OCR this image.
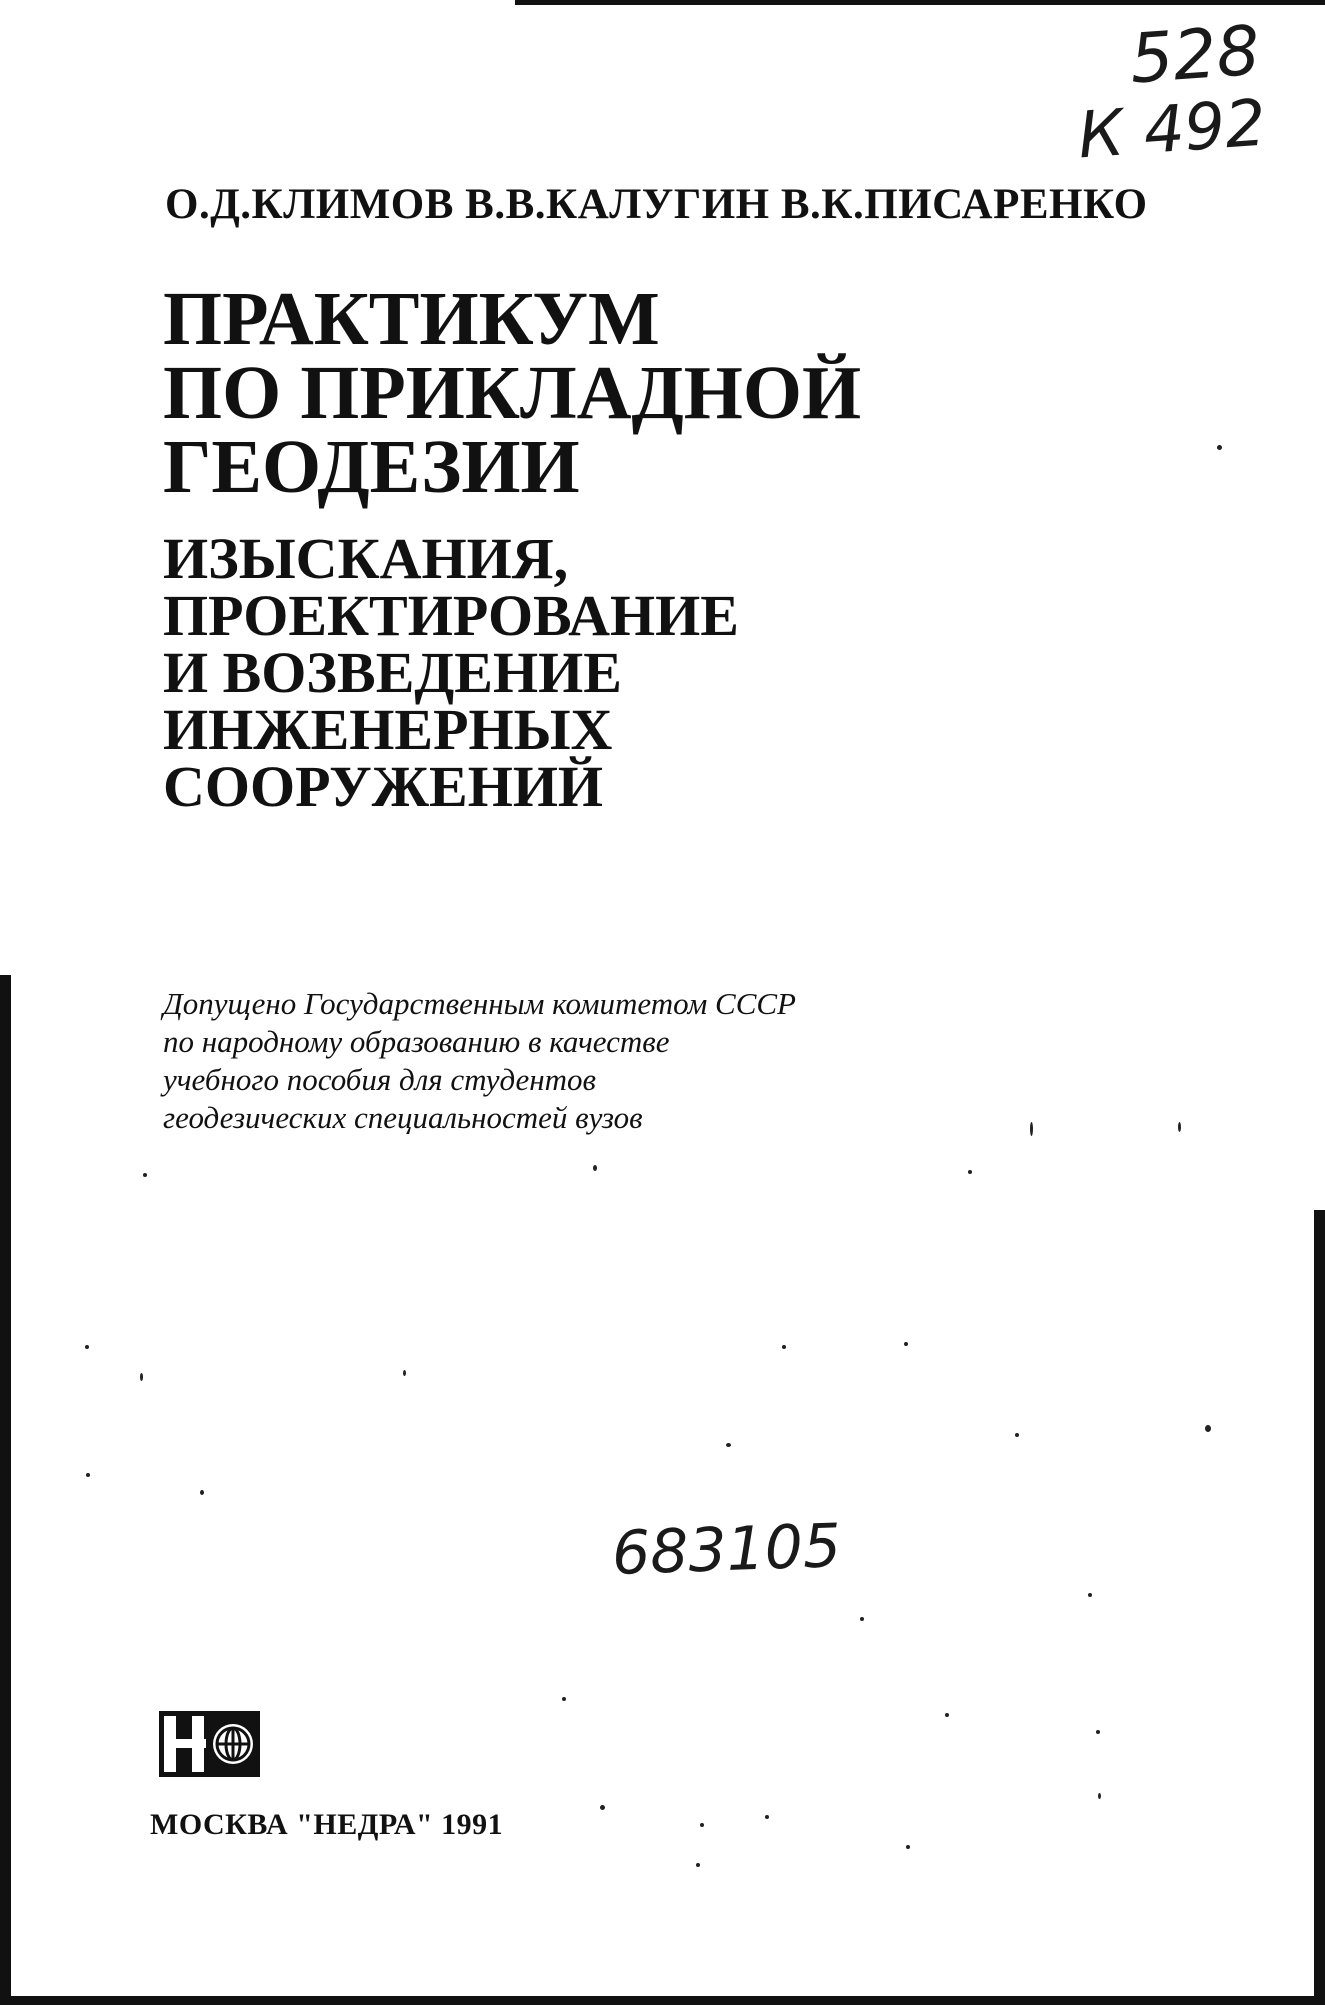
528
К 492
О.Д.КЛИМОВ В.В.КАЛУГИН В.К.ПИСАРЕНКО
ПРАКТИКУМ
ПО ПРИКЛАДНОЙ
ГЕОДЕЗИИ
ИЗЫСКАНИЯ,
ПРОЕКТИРОВАНИЕ
И ВОЗВЕДЕНИЕ
ИНЖЕНЕРНЫХ
СООРУЖЕНИЙ
Допущено Государственным комитетом СССР
по народному образованию в качестве
учебного пособия для студентов
геодезических специальностей вузов
683105
МОСКВА "НЕДРА" 1991
